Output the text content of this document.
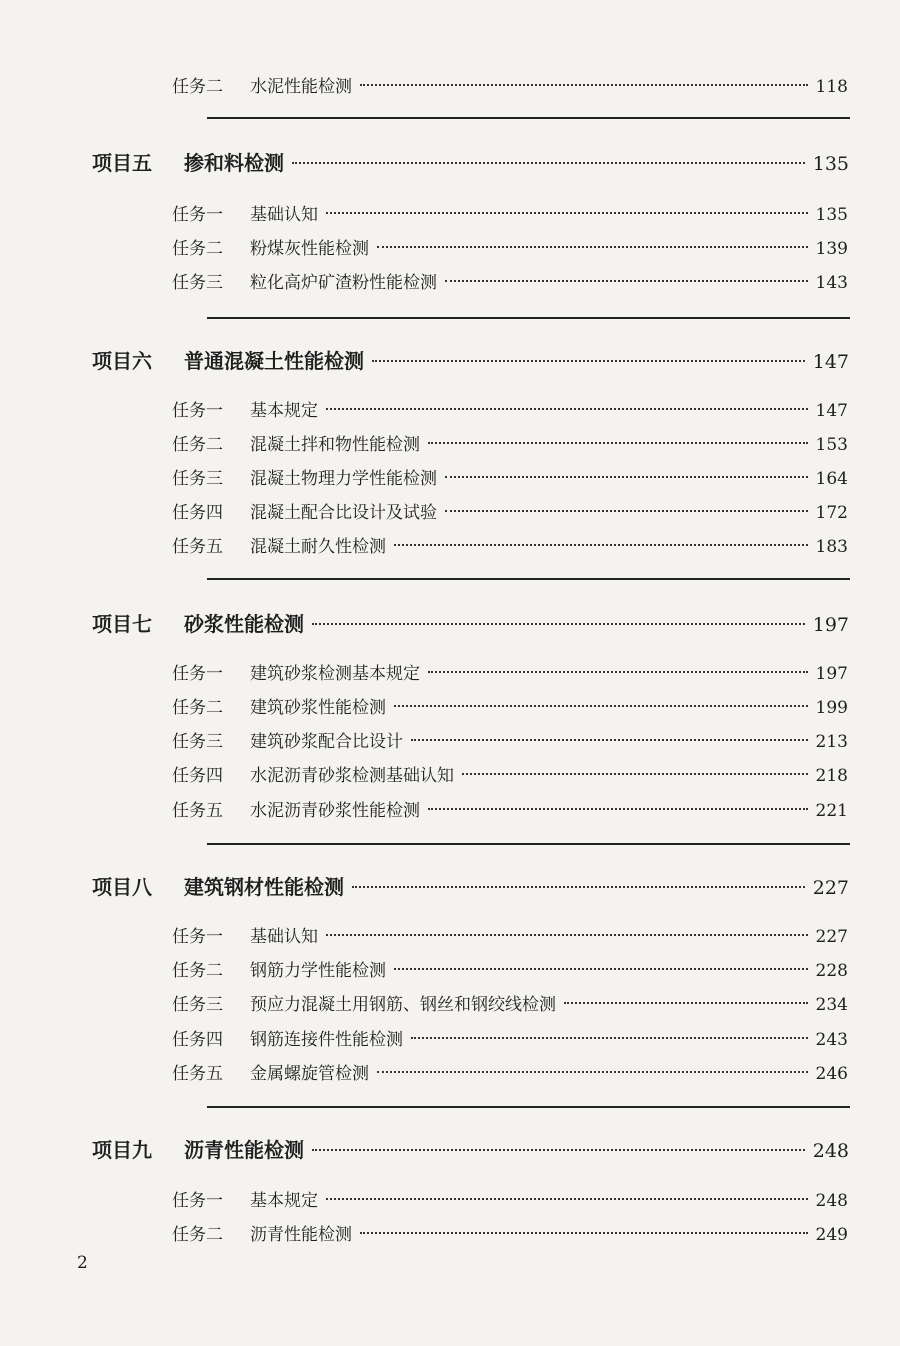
任务二	水泥性能检测	118
项目五	掺和料检测	135
任务一	基础认知	135
任务二	粉煤灰性能检测	139
任务三	粒化高炉矿渣粉性能检测	143
项目六	普通混凝土性能检测	147
任务一	基本规定	147
任务二	混凝土拌和物性能检测	153
任务三	混凝土物理力学性能检测	164
任务四	混凝土配合比设计及试验	172
任务五	混凝土耐久性检测	183
项目七	砂浆性能检测	197
任务一	建筑砂浆检测基本规定	197
任务二	建筑砂浆性能检测	199
任务三	建筑砂浆配合比设计	213
任务四	水泥沥青砂浆检测基础认知	218
任务五	水泥沥青砂浆性能检测	221
项目八	建筑钢材性能检测	227
任务一	基础认知	227
任务二	钢筋力学性能检测	228
任务三	预应力混凝土用钢筋、钢丝和钢绞线检测	234
任务四	钢筋连接件性能检测	243
任务五	金属螺旋管检测	246
项目九	沥青性能检测	248
任务一	基本规定	248
任务二	沥青性能检测	249
2
